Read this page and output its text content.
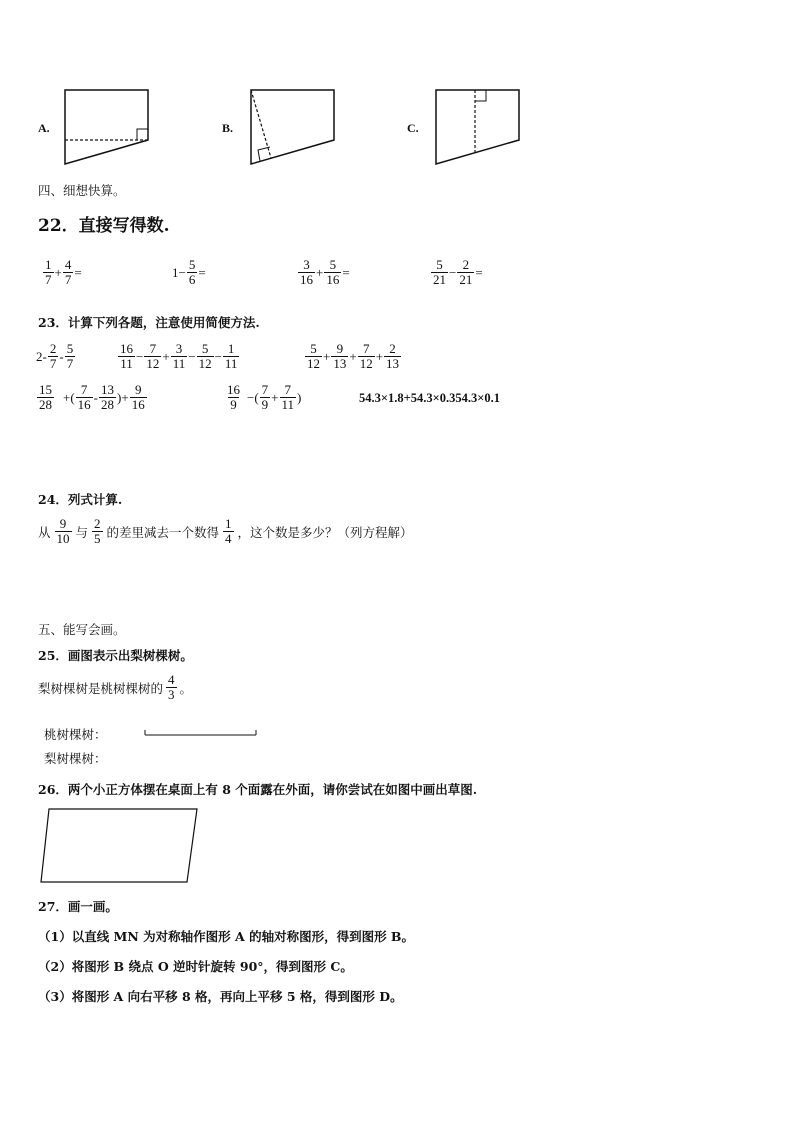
A.	B.	C.
四、细想快算。
22．直接写得数.
$\frac{1}{7} + \frac{4}{7}$ =	$1- \frac{5}{6}$ =	$\frac{3}{16} + \frac{5}{16}$ =	$\frac{5}{21} - \frac{2}{21}$ =
23．计算下列各题，注意使用简便方法.
$2- \frac{2}{7} - \frac{5}{7}$	$\frac{16}{11} - \frac{7}{12} + \frac{3}{11} - \frac{5}{12} - \frac{1}{11}$	$\frac{5}{12} + \frac{9}{13} + \frac{7}{12} + \frac{2}{13}$
$\frac{15}{28}$ +( $\frac{7}{16} - \frac{13}{28}$ )+ $\frac{9}{16}$	$\frac{16}{9}$ −( $\frac{7}{9} + \frac{7}{11}$ )	54.3×1.8+54.3×0.354.3×0.1
24．列式计算.
从 $\frac{9}{10}$ 与 $\frac{2}{5}$ 的差里减去一个数得 $\frac{1}{4}$ ，这个数是多少？（列方程解）
五、能写会画。
25．画图表示出梨树棵树。
梨树棵树是桃树棵树的 $\frac{4}{3}$ 。
桃树棵树：
梨树棵树：
26．两个小正方体摆在桌面上有 8 个面露在外面，请你尝试在如图中画出草图.
27．画一画。
（1）以直线 MN 为对称轴作图形 A 的轴对称图形，得到图形 B。
（2）将图形 B 绕点 O 逆时针旋转 90°，得到图形 C。
（3）将图形 A 向右平移 8 格，再向上平移 5 格，得到图形 D。
